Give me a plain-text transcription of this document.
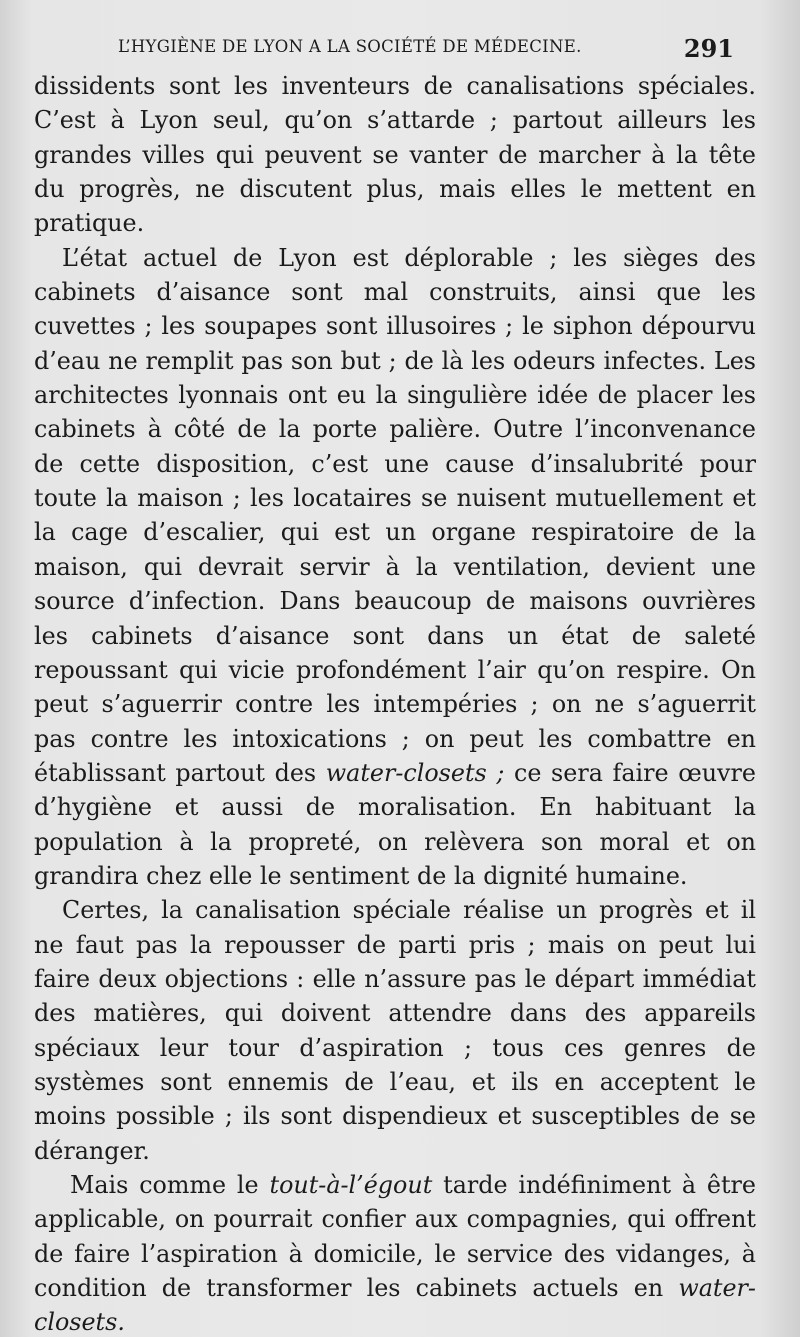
L’HYGIÈNE DE LYON A LA SOCIÉTÉ DE MÉDECINE.	291

dissidents sont les inventeurs de canalisations spéciales. C’est à Lyon seul, qu’on s’attarde ; partout ailleurs les grandes villes qui peuvent se vanter de marcher à la tête du progrès, ne discutent plus, mais elles le mettent en pratique.

L’état actuel de Lyon est déplorable ; les sièges des cabinets d’aisance sont mal construits, ainsi que les cuvettes ; les soupapes sont illusoires ; le siphon dépourvu d’eau ne remplit pas son but ; de là les odeurs infectes. Les architectes lyonnais ont eu la singulière idée de placer les cabinets à côté de la porte palière. Outre l’inconvenance de cette disposition, c’est une cause d’insalubrité pour toute la maison ; les locataires se nuisent mutuellement et la cage d’escalier, qui est un organe respiratoire de la maison, qui devrait servir à la ventilation, devient une source d’infection. Dans beaucoup de maisons ouvrières les cabinets d’aisance sont dans un état de saleté repoussant qui vicie profondément l’air qu’on respire. On peut s’aguerrir contre les intempéries ; on ne s’aguerrit pas contre les intoxications ; on peut les combattre en établissant partout des water-closets ; ce sera faire œuvre d’hygiène et aussi de moralisation. En habituant la population à la propreté, on relèvera son moral et on grandira chez elle le sentiment de la dignité humaine.

Certes, la canalisation spéciale réalise un progrès et il ne faut pas la repousser de parti pris ; mais on peut lui faire deux objections : elle n’assure pas le départ immédiat des matières, qui doivent attendre dans des appareils spéciaux leur tour d’aspiration ; tous ces genres de systèmes sont ennemis de l’eau, et ils en acceptent le moins possible ; ils sont dispendieux et susceptibles de se déranger.

Mais comme le tout-à-l’égout tarde indéfiniment à être applicable, on pourrait confier aux compagnies, qui offrent de faire l’aspiration à domicile, le service des vidanges, à condition de transformer les cabinets actuels en water-closets.
